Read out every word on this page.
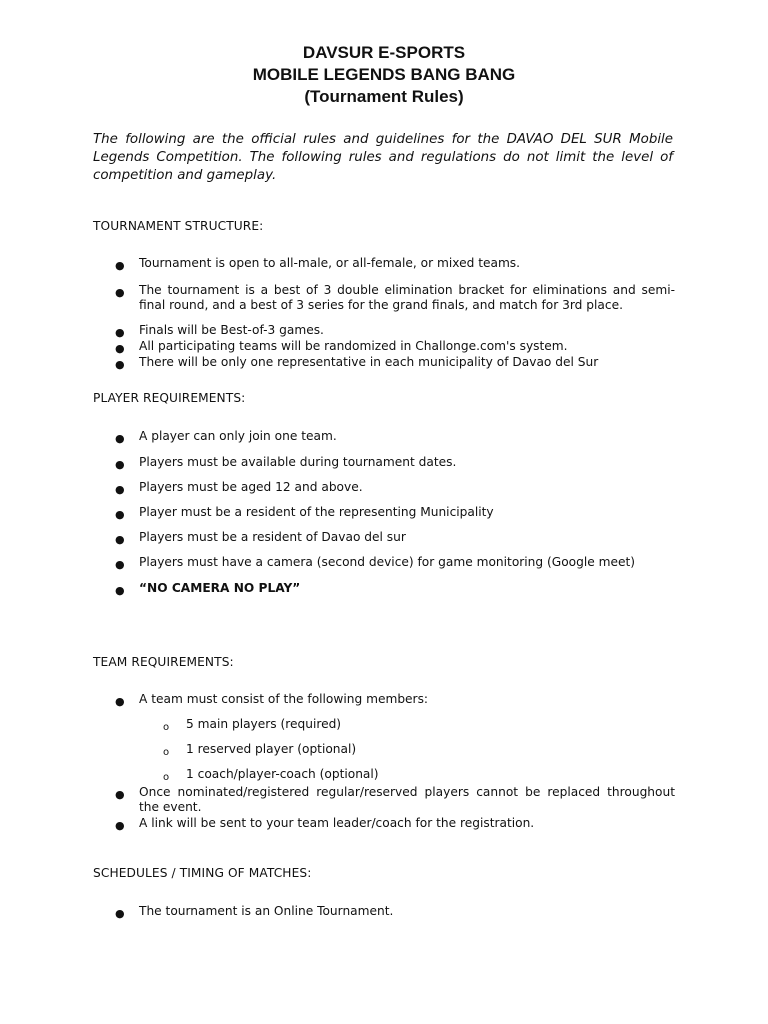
DAVSUR E-SPORTS
MOBILE LEGENDS BANG BANG
(Tournament Rules)
The following are the official rules and guidelines for the DAVAO DEL SUR Mobile Legends Competition. The following rules and regulations do not limit the level of competition and gameplay.
TOURNAMENT STRUCTURE:
● Tournament is open to all-male, or all-female, or mixed teams.
● The tournament is a best of 3 double elimination bracket for eliminations and semi-final round, and a best of 3 series for the grand finals, and match for 3rd place.
● Finals will be Best-of-3 games.
● All participating teams will be randomized in Challonge.com's system.
● There will be only one representative in each municipality of Davao del Sur
PLAYER REQUIREMENTS:
● A player can only join one team.
● Players must be available during tournament dates.
● Players must be aged 12 and above.
● Player must be a resident of the representing Municipality
● Players must be a resident of Davao del sur
● Players must have a camera (second device) for game monitoring (Google meet)
● “NO CAMERA NO PLAY”
TEAM REQUIREMENTS:
● A team must consist of the following members:
o 5 main players (required)
o 1 reserved player (optional)
o 1 coach/player-coach (optional)
● Once nominated/registered regular/reserved players cannot be replaced throughout the event.
● A link will be sent to your team leader/coach for the registration.
SCHEDULES / TIMING OF MATCHES:
● The tournament is an Online Tournament.
